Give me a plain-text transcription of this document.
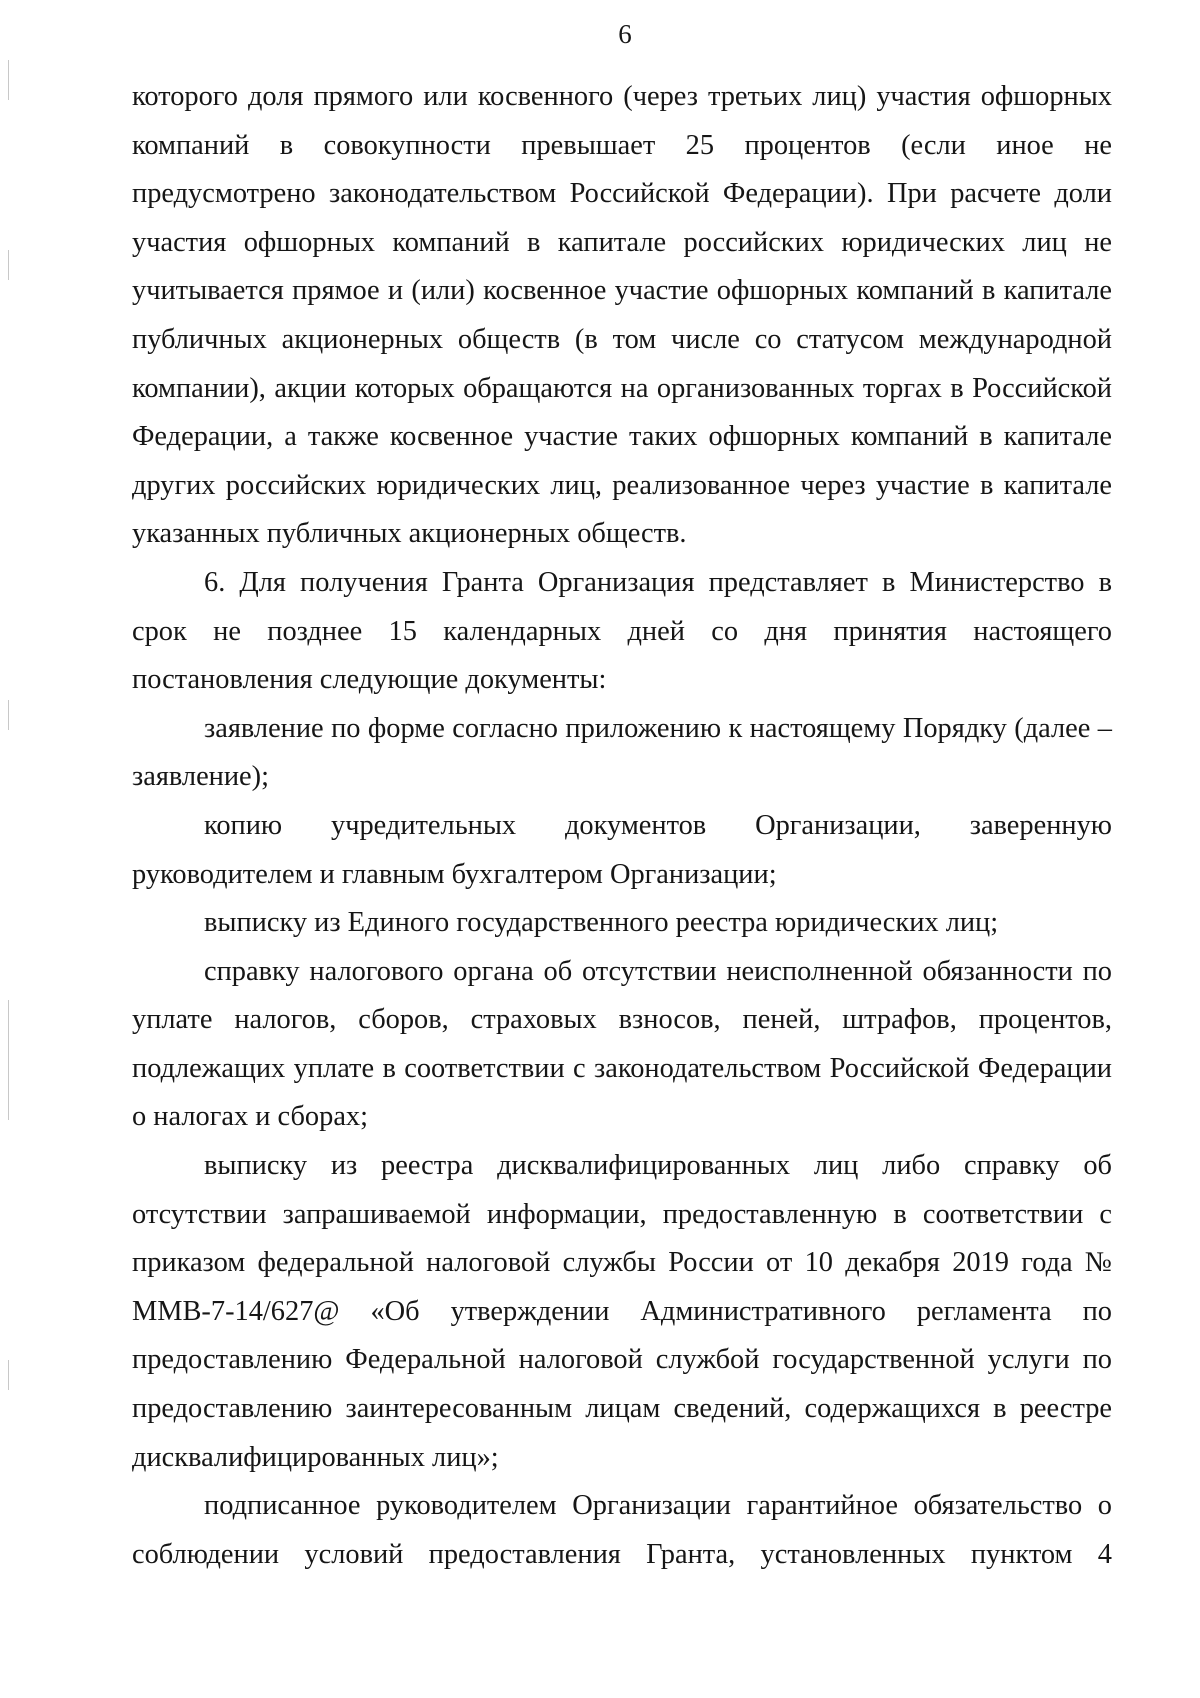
6

которого доля прямого или косвенного (через третьих лиц) участия офшорных компаний в совокупности превышает 25 процентов (если иное не предусмотрено законодательством Российской Федерации). При расчете доли участия офшорных компаний в капитале российских юридических лиц не учитывается прямое и (или) косвенное участие офшорных компаний в капитале публичных акционерных обществ (в том числе со статусом международной компании), акции которых обращаются на организованных торгах в Российской Федерации, а также косвенное участие таких офшорных компаний в капитале других российских юридических лиц, реализованное через участие в капитале указанных публичных акционерных обществ.

6. Для получения Гранта Организация представляет в Министерство в срок не позднее 15 календарных дней со дня принятия настоящего постановления следующие документы:

заявление по форме согласно приложению к настоящему Порядку (далее – заявление);

копию учредительных документов Организации, заверенную руководителем и главным бухгалтером Организации;

выписку из Единого государственного реестра юридических лиц;

справку налогового органа об отсутствии неисполненной обязанности по уплате налогов, сборов, страховых взносов, пеней, штрафов, процентов, подлежащих уплате в соответствии с законодательством Российской Федерации о налогах и сборах;

выписку из реестра дисквалифицированных лиц либо справку об отсутствии запрашиваемой информации, предоставленную в соответствии с приказом федеральной налоговой службы России от 10 декабря 2019 года № ММВ-7-14/627@ «Об утверждении Административного регламента по предоставлению Федеральной налоговой службой государственной услуги по предоставлению заинтересованным лицам сведений, содержащихся в реестре дисквалифицированных лиц»;

подписанное руководителем Организации гарантийное обязательство о соблюдении условий предоставления Гранта, установленных пунктом 4
